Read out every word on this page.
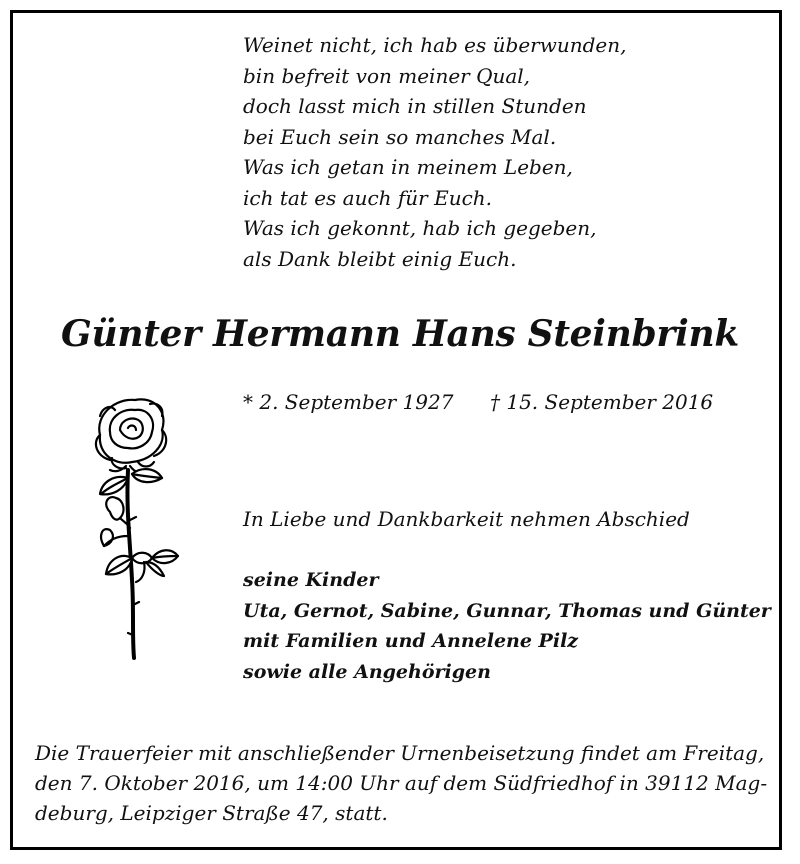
Weinet nicht, ich hab es überwunden,
bin befreit von meiner Qual,
doch lasst mich in stillen Stunden
bei Euch sein so manches Mal.
Was ich getan in meinem Leben,
ich tat es auch für Euch.
Was ich gekonnt, hab ich gegeben,
als Dank bleibt einig Euch.
Günter Hermann Hans Steinbrink
* 2. September 1927 † 15. September 2016
In Liebe und Dankbarkeit nehmen Abschied
seine Kinder
Uta, Gernot, Sabine, Gunnar, Thomas und Günter
mit Familien und Annelene Pilz
sowie alle Angehörigen
Die Trauerfeier mit anschließender Urnenbeisetzung findet am Freitag,
den 7. Oktober 2016, um 14:00 Uhr auf dem Südfriedhof in 39112 Mag-
deburg, Leipziger Straße 47, statt.
